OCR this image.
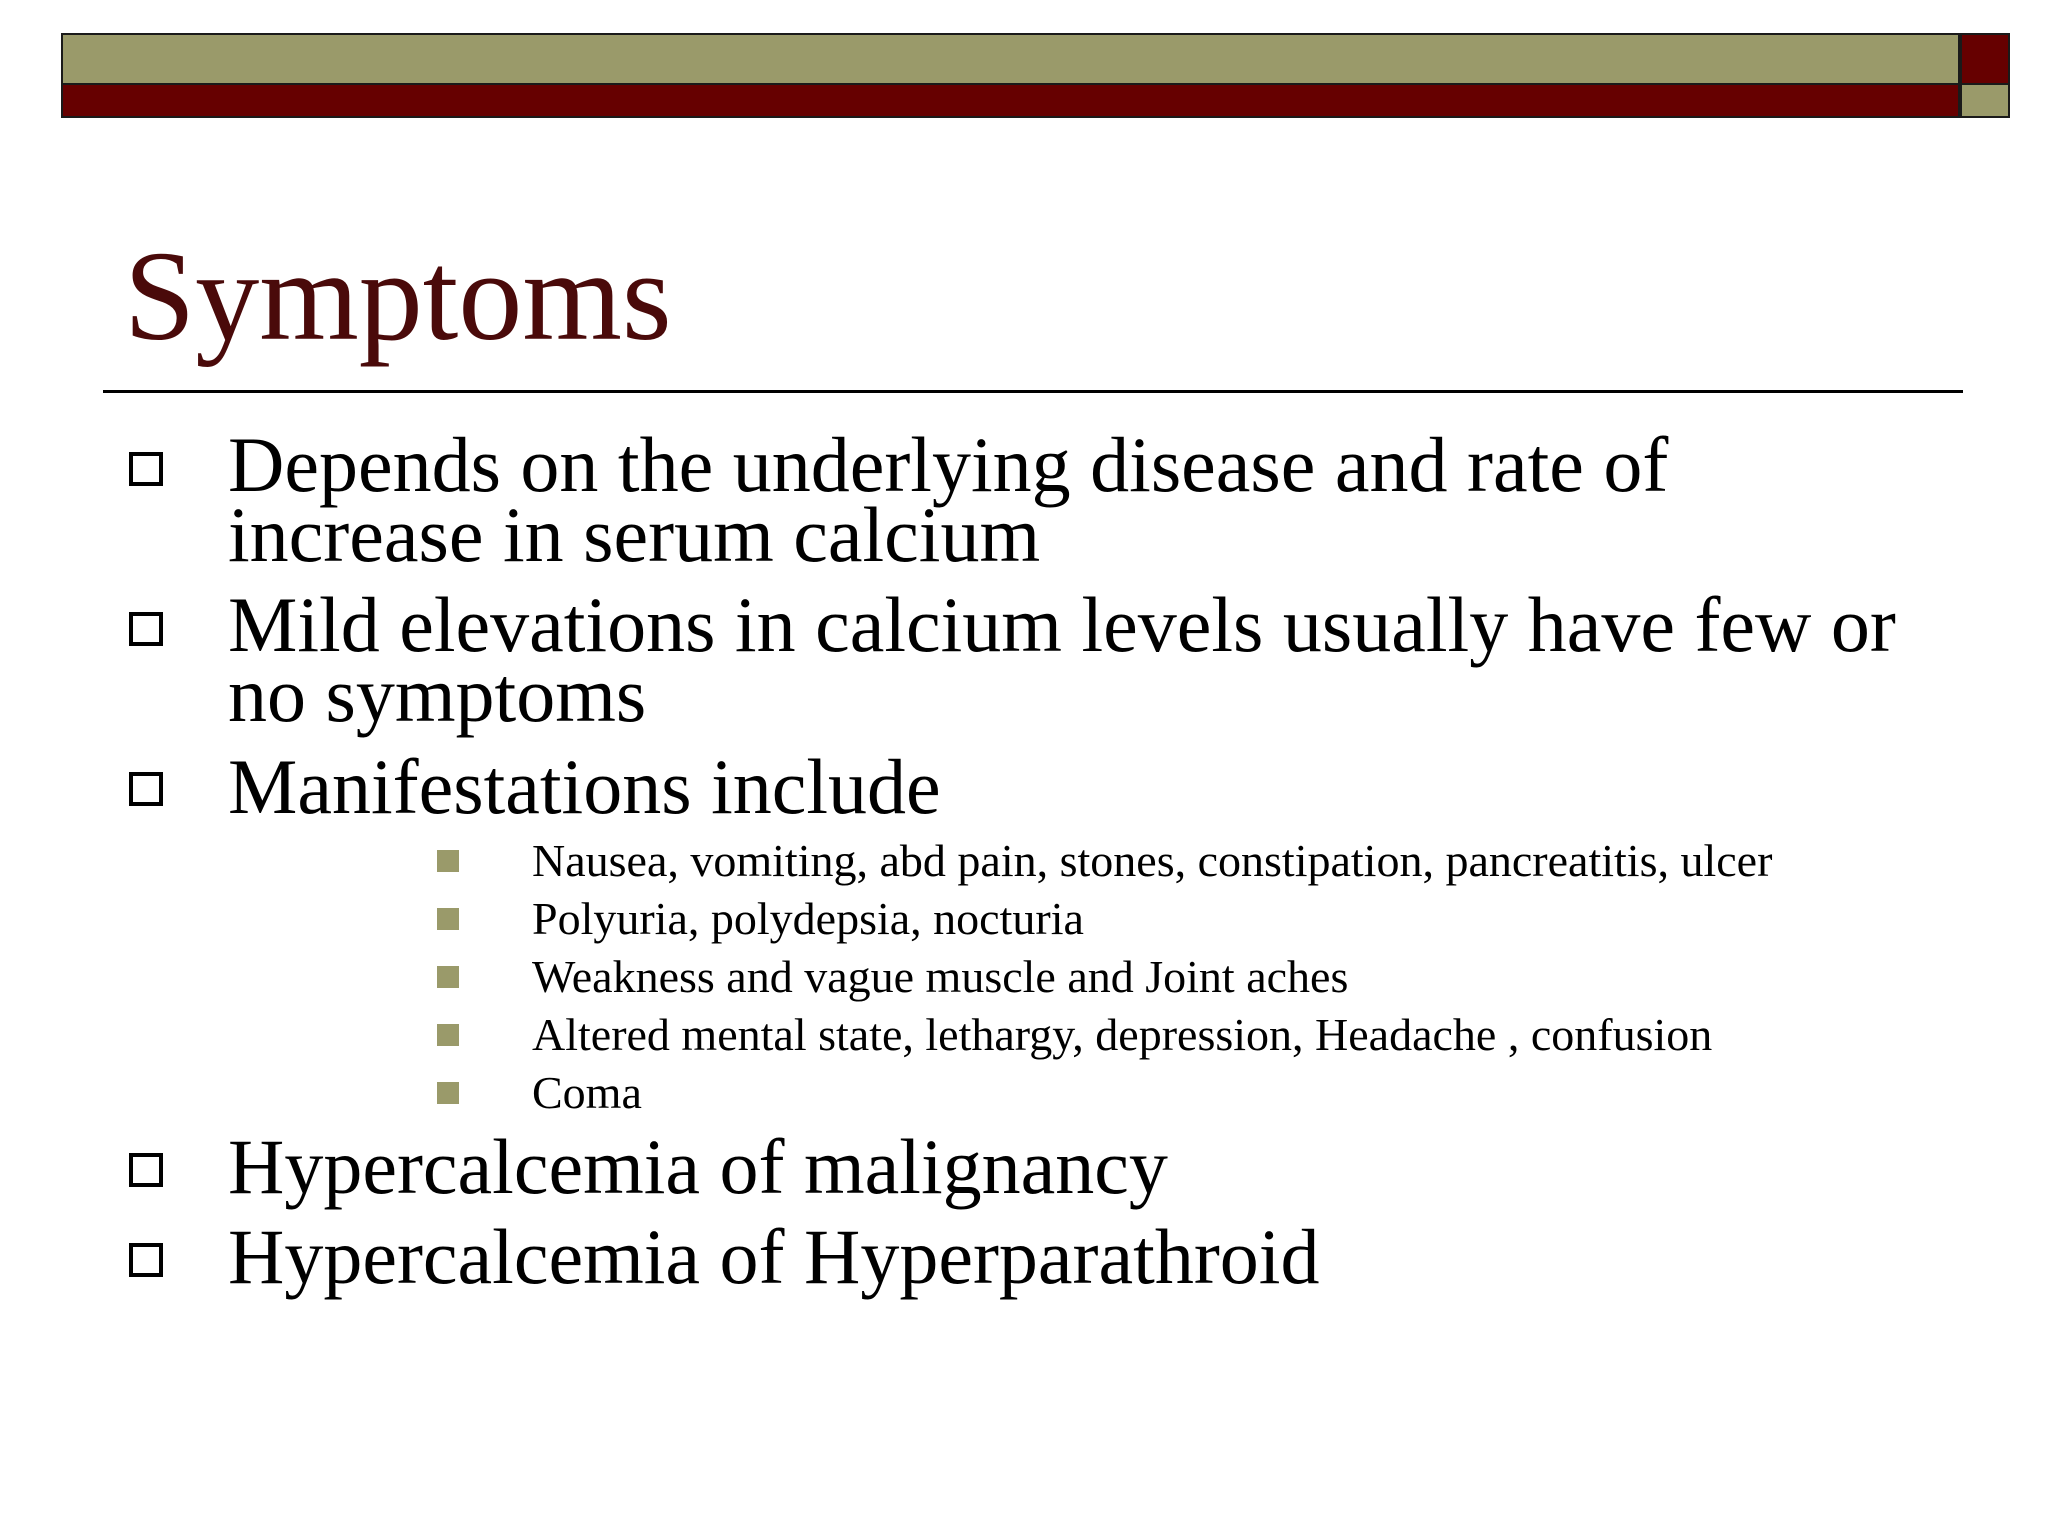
Symptoms
Depends on the underlying disease and rate of increase in serum calcium
Mild elevations in calcium levels usually have few or no symptoms
Manifestations include
Nausea, vomiting, abd pain, stones, constipation, pancreatitis, ulcer
Polyuria, polydepsia, nocturia
Weakness and vague muscle and Joint aches
Altered mental state, lethargy, depression, Headache , confusion
Coma
Hypercalcemia of malignancy
Hypercalcemia of Hyperparathroid
